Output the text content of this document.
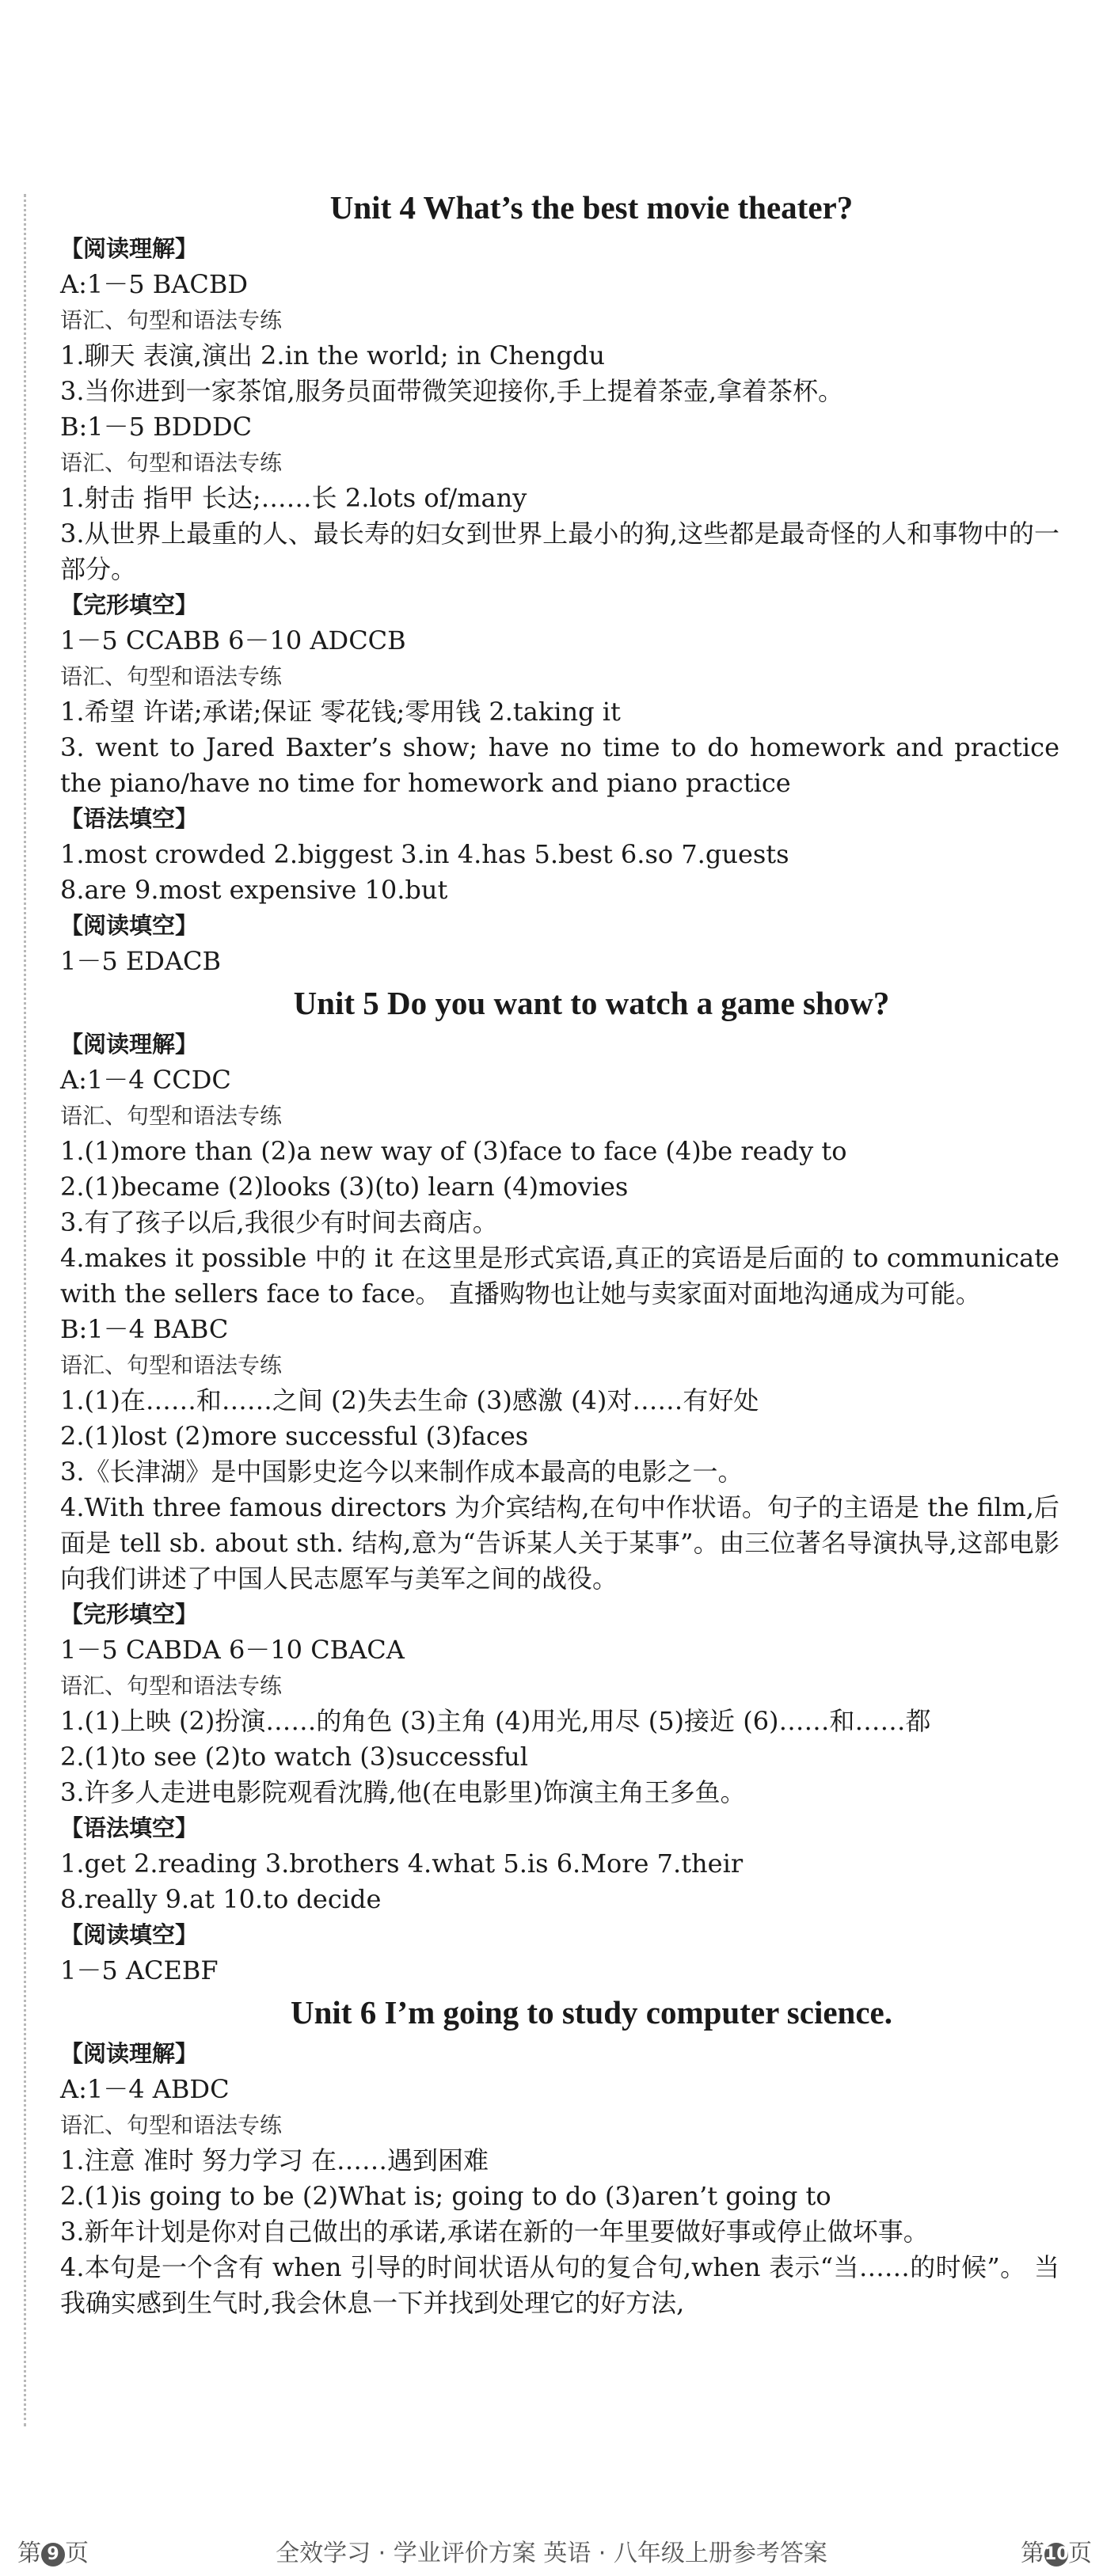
Unit 4 What’s the best movie theater?
【阅读理解】
A:1－5 BACBD
语汇、句型和语法专练
1.聊天 表演,演出 2.in the world; in Chengdu
3.当你进到一家茶馆,服务员面带微笑迎接你,手上提着茶壶,拿着茶杯。
B:1－5 BDDDC
语汇、句型和语法专练
1.射击 指甲 长达;……长 2.lots of/many
3.从世界上最重的人、最长寿的妇女到世界上最小的狗,这些都是最奇怪的人和事物中的一部分。
【完形填空】
1－5 CCABB 6－10 ADCCB
语汇、句型和语法专练
1.希望 许诺;承诺;保证 零花钱;零用钱 2.taking it
3. went to Jared Baxter’s show; have no time to do homework and practice the piano/have no time for homework and piano practice
【语法填空】
1.most crowded 2.biggest 3.in 4.has 5.best 6.so 7.guests
8.are 9.most expensive 10.but
【阅读填空】
1－5 EDACB
Unit 5 Do you want to watch a game show?
【阅读理解】
A:1－4 CCDC
语汇、句型和语法专练
1.(1)more than (2)a new way of (3)face to face (4)be ready to
2.(1)became (2)looks (3)(to) learn (4)movies
3.有了孩子以后,我很少有时间去商店。
4.makes it possible 中的 it 在这里是形式宾语,真正的宾语是后面的 to communicate with the sellers face to face。 直播购物也让她与卖家面对面地沟通成为可能。
B:1－4 BABC
语汇、句型和语法专练
1.(1)在……和……之间 (2)失去生命 (3)感激 (4)对……有好处
2.(1)lost (2)more successful (3)faces
3.《长津湖》是中国影史迄今以来制作成本最高的电影之一。
4.With three famous directors 为介宾结构,在句中作状语。句子的主语是 the film,后面是 tell sb. about sth. 结构,意为“告诉某人关于某事”。由三位著名导演执导,这部电影向我们讲述了中国人民志愿军与美军之间的战役。
【完形填空】
1－5 CABDA 6－10 CBACA
语汇、句型和语法专练
1.(1)上映 (2)扮演……的角色 (3)主角 (4)用光,用尽 (5)接近 (6)……和……都
2.(1)to see (2)to watch (3)successful
3.许多人走进电影院观看沈腾,他(在电影里)饰演主角王多鱼。
【语法填空】
1.get 2.reading 3.brothers 4.what 5.is 6.More 7.their
8.really 9.at 10.to decide
【阅读填空】
1－5 ACEBF
Unit 6 I’m going to study computer science.
【阅读理解】
A:1－4 ABDC
语汇、句型和语法专练
1.注意 准时 努力学习 在……遇到困难
2.(1)is going to be (2)What is; going to do (3)aren’t going to
3.新年计划是你对自己做出的承诺,承诺在新的一年里要做好事或停止做坏事。
4.本句是一个含有 when 引导的时间状语从句的复合句,when 表示“当……的时候”。 当我确实感到生气时,我会休息一下并找到处理它的好方法,
第 9 页	全效学习 · 学业评价方案 英语 · 八年级上册参考答案	第10页
